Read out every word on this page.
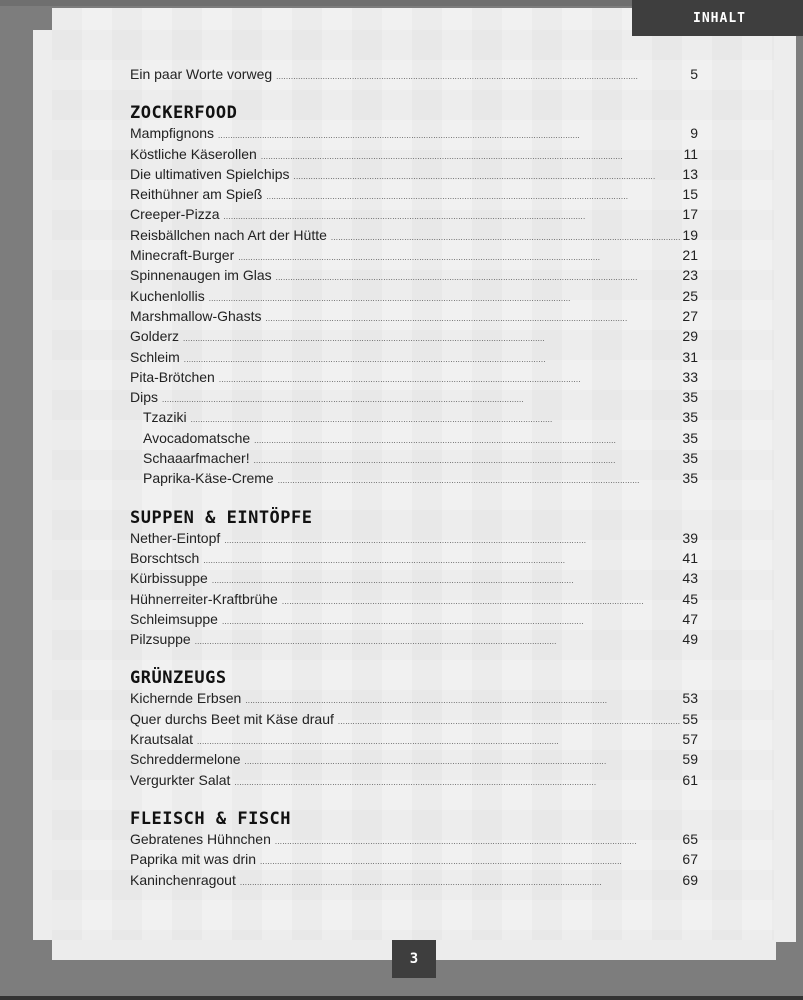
INHALT
Ein paar Worte vorweg . . .	5
ZOCKERFOOD
Mampfignons . . .	9
Köstliche Käserollen . . .	11
Die ultimativen Spielchips . . .	13
Reithühner am Spieß . . .	15
Creeper-Pizza . . .	17
Reisbällchen nach Art der Hütte . . .	19
Minecraft-Burger . . .	21
Spinnenaugen im Glas . . .	23
Kuchenlollis . . .	25
Marshmallow-Ghasts . . .	27
Golderz . . .	29
Schleim . . .	31
Pita-Brötchen . . .	33
Dips . . .	35
Tzaziki . . .	35
Avocadomatsche . . .	35
Schaaarfmacher! . . .	35
Paprika-Käse-Creme . . .	35
SUPPEN & EINTÖPFE
Nether-Eintopf . . .	39
Borschtsch . . .	41
Kürbissuppe . . .	43
Hühnerreiter-Kraftbrühe . . .	45
Schleimsuppe . . .	47
Pilzsuppe . . .	49
GRÜNZEUGS
Kichernde Erbsen . . .	53
Quer durchs Beet mit Käse drauf . . .	55
Krautsalat . . .	57
Schreddermelone . . .	59
Vergurkter Salat . . .	61
FLEISCH & FISCH
Gebratenes Hühnchen . . .	65
Paprika mit was drin . . .	67
Kaninchenragout . . .	69
3
